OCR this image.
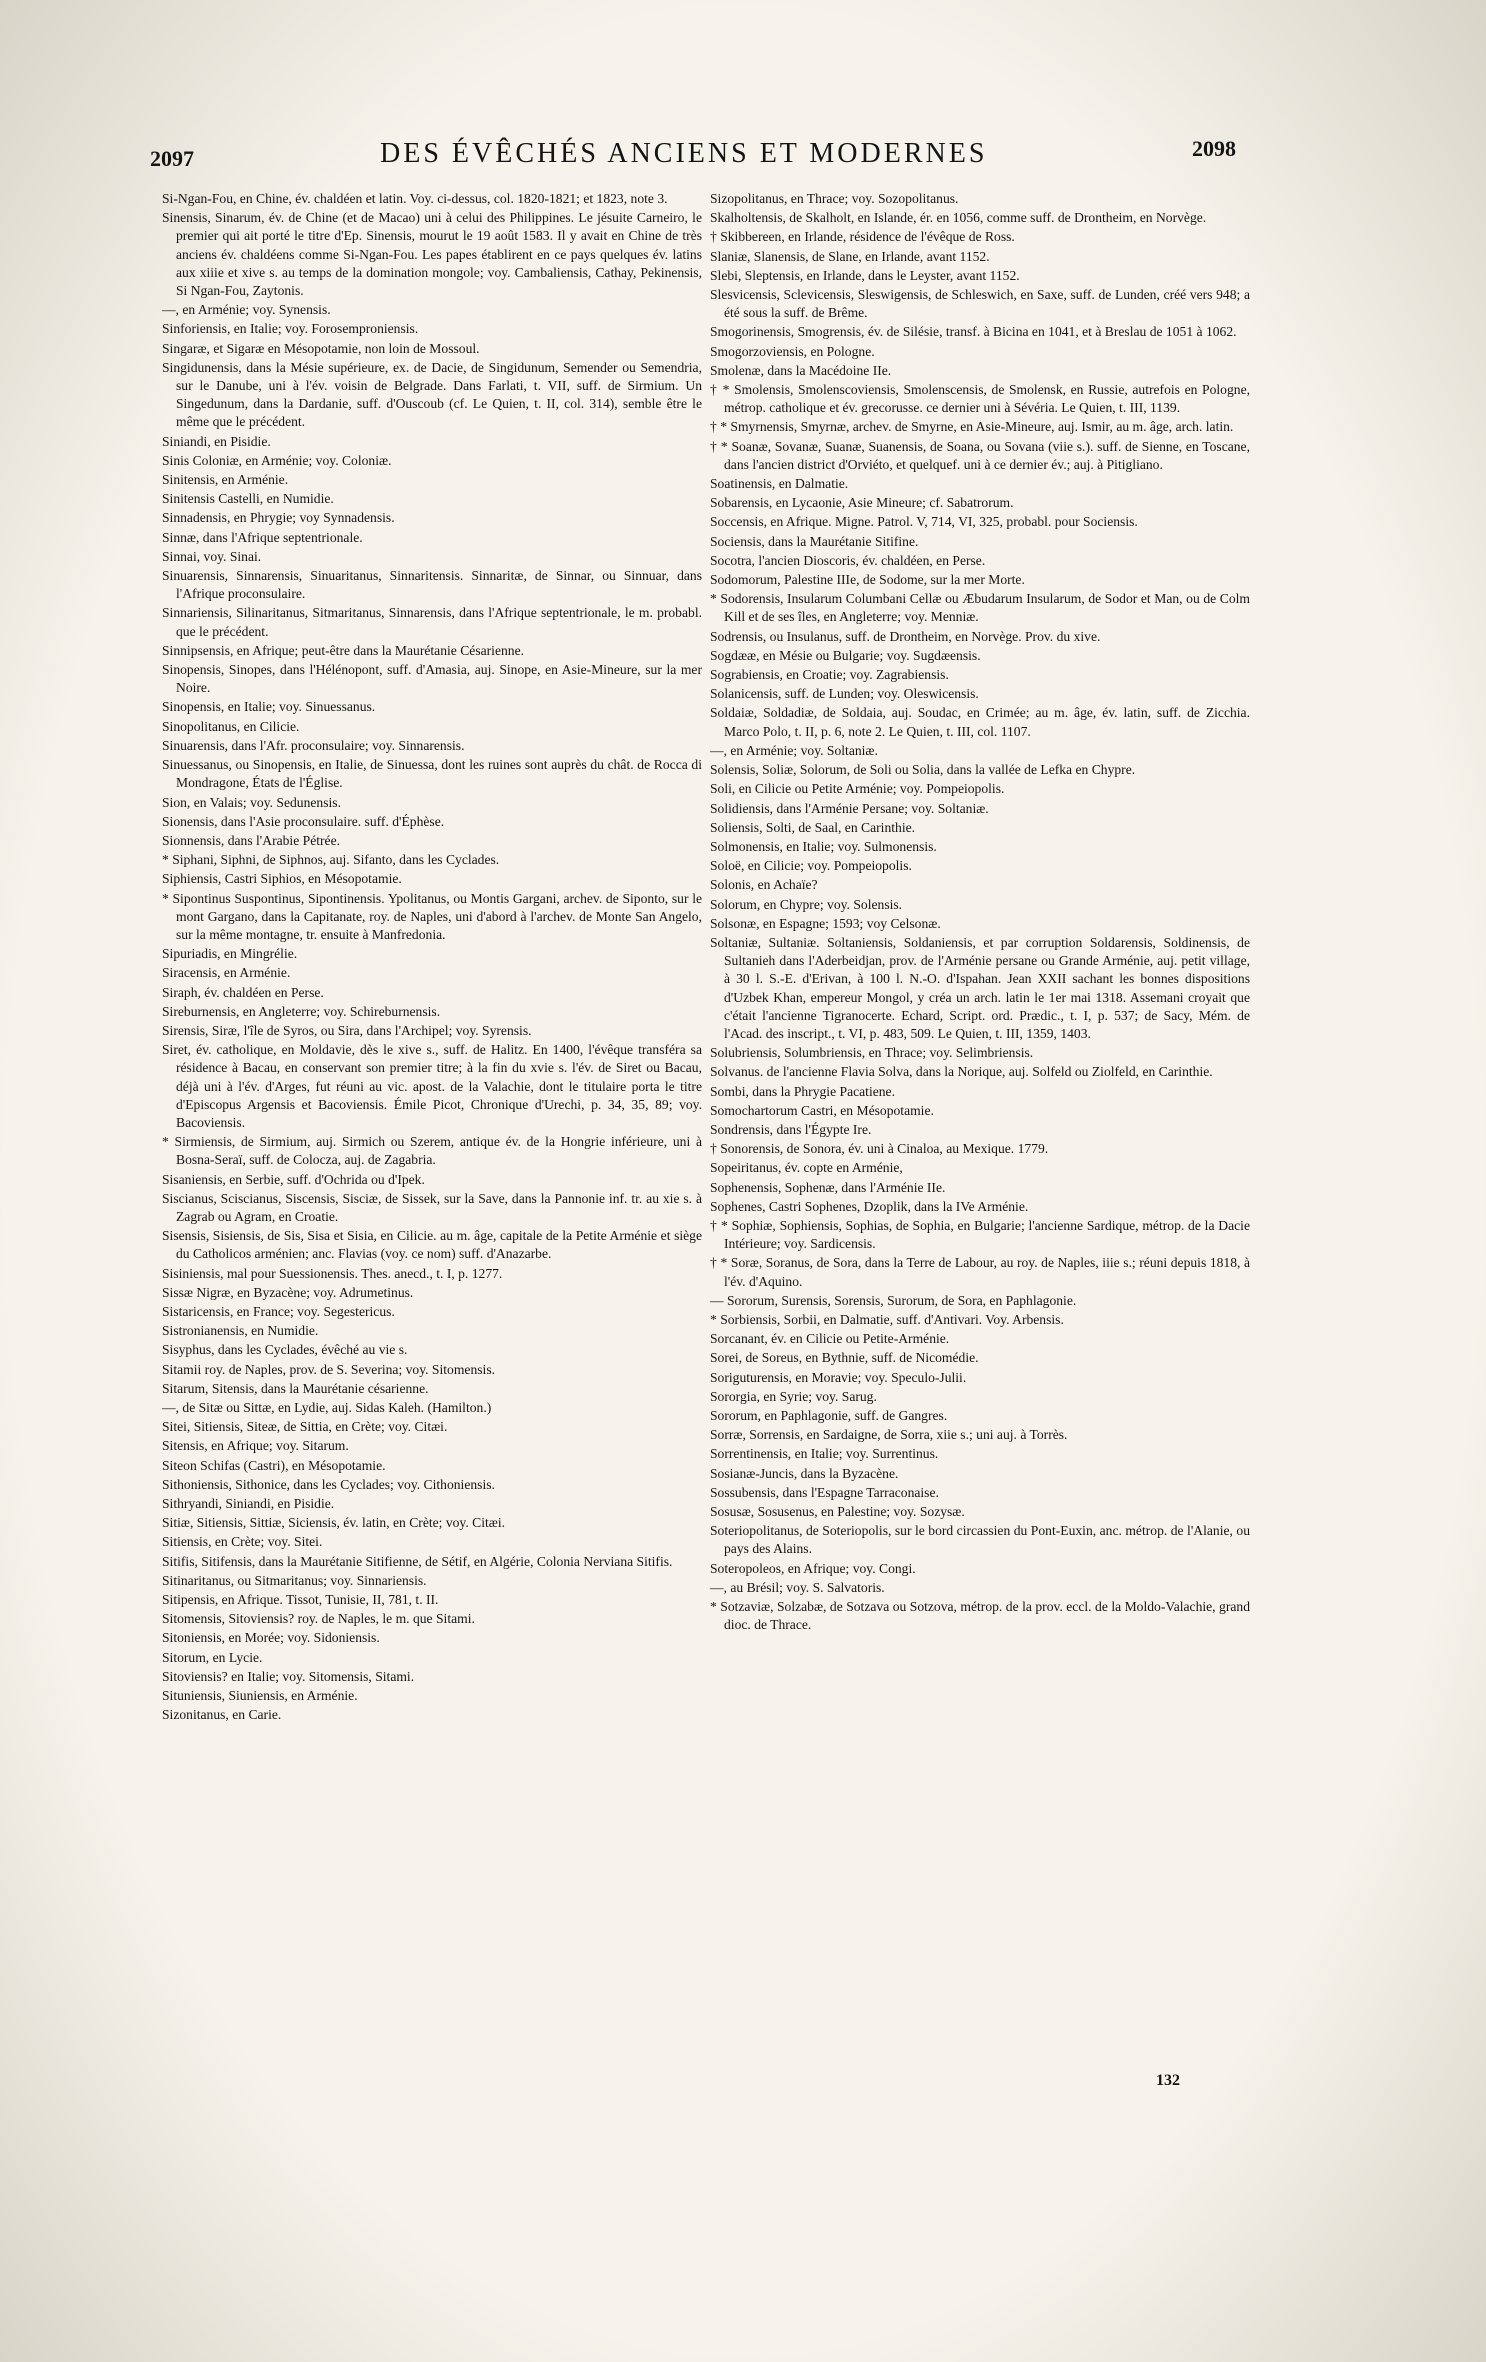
2097	DES ÉVÊCHÉS ANCIENS ET MODERNES	2098

Si-Ngan-Fou, en Chine, év. chaldéen et latin. Voy. ci-dessus, col. 1820-1821; et 1823, note 3.

Sinensis, Sinarum, év. de Chine (et de Macao) uni à celui des Philippines. Le jésuite Carneiro, le premier qui ait porté le titre d'Ep. Sinensis, mourut le 19 août 1583. Il y avait en Chine de très anciens év. chaldéens comme Si-Ngan-Fou. Les papes établirent en ce pays quelques év. latins aux xiiie et xive s. au temps de la domination mongole; voy. Cambaliensis, Cathay, Pekinensis, Si Ngan-Fou, Zaytonis.

—, en Arménie; voy. Synensis.

Sinforiensis, en Italie; voy. Forosemproniensis.

Singaræ, et Sigaræ en Mésopotamie, non loin de Mossoul.

Singidunensis, dans la Mésie supérieure, ex. de Dacie, de Singidunum, Semender ou Semendria, sur le Danube, uni à l'év. voisin de Belgrade. Dans Farlati, t. VII, suff. de Sirmium. Un Singedunum, dans la Dardanie, suff. d'Ouscoub (cf. Le Quien, t. II, col. 314), semble être le même que le précédent.

Siniandi, en Pisidie.

Sinis Coloniæ, en Arménie; voy. Coloniæ.

Sinitensis, en Arménie.

Sinitensis Castelli, en Numidie.

Sinnadensis, en Phrygie; voy Synnadensis.

Sinnæ, dans l'Afrique septentrionale.

Sinnai, voy. Sinai.

Sinuarensis, Sinnarensis, Sinuaritanus, Sinnaritensis. Sinnaritæ, de Sinnar, ou Sinnuar, dans l'Afrique proconsulaire.

Sinnariensis, Silinaritanus, Sitmaritanus, Sinnarensis, dans l'Afrique septentrionale, le m. probabl. que le précédent.

Sinnipsensis, en Afrique; peut-être dans la Maurétanie Césarienne.

Sinopensis, Sinopes, dans l'Hélénopont, suff. d'Amasia, auj. Sinope, en Asie-Mineure, sur la mer Noire.

Sinopensis, en Italie; voy. Sinuessanus.

Sinopolitanus, en Cilicie.

Sinuarensis, dans l'Afr. proconsulaire; voy. Sinnarensis.

Sinuessanus, ou Sinopensis, en Italie, de Sinuessa, dont les ruines sont auprès du chât. de Rocca di Mondragone, États de l'Église.

Sion, en Valais; voy. Sedunensis.

Sionensis, dans l'Asie proconsulaire. suff. d'Éphèse.

Sionnensis, dans l'Arabie Pétrée.

* Siphani, Siphni, de Siphnos, auj. Sifanto, dans les Cyclades.

Siphiensis, Castri Siphios, en Mésopotamie.

* Sipontinus Suspontinus, Sipontinensis. Ypolitanus, ou Montis Gargani, archev. de Siponto, sur le mont Gargano, dans la Capitanate, roy. de Naples, uni d'abord à l'archev. de Monte San Angelo, sur la même montagne, tr. ensuite à Manfredonia.

Sipuriadis, en Mingrélie.

Siracensis, en Arménie.

Siraph, év. chaldéen en Perse.

Sireburnensis, en Angleterre; voy. Schireburnensis.

Sirensis, Siræ, l'île de Syros, ou Sira, dans l'Archipel; voy. Syrensis.

Siret, év. catholique, en Moldavie, dès le xive s., suff. de Halitz. En 1400, l'évêque transféra sa résidence à Bacau, en conservant son premier titre; à la fin du xvie s. l'év. de Siret ou Bacau, déjà uni à l'év. d'Arges, fut réuni au vic. apost. de la Valachie, dont le titulaire porta le titre d'Episcopus Argensis et Bacoviensis. Émile Picot, Chronique d'Urechi, p. 34, 35, 89; voy. Bacoviensis.

* Sirmiensis, de Sirmium, auj. Sirmich ou Szerem, antique év. de la Hongrie inférieure, uni à Bosna-Seraï, suff. de Colocza, auj. de Zagabria.

Sisaniensis, en Serbie, suff. d'Ochrida ou d'Ipek.

Siscianus, Sciscianus, Siscensis, Sisciæ, de Sissek, sur la Save, dans la Pannonie inf. tr. au xie s. à Zagrab ou Agram, en Croatie.

Sisensis, Sisiensis, de Sis, Sisa et Sisia, en Cilicie. au m. âge, capitale de la Petite Arménie et siège du Catholicos arménien; anc. Flavias (voy. ce nom) suff. d'Anazarbe.

Sisiniensis, mal pour Suessionensis. Thes. anecd., t. I, p. 1277.

Sissæ Nigræ, en Byzacène; voy. Adrumetinus.

Sistaricensis, en France; voy. Segestericus.

Sistronianensis, en Numidie.

Sisyphus, dans les Cyclades, évêché au vie s.

Sitamii roy. de Naples, prov. de S. Severina; voy. Sitomensis.

Sitarum, Sitensis, dans la Maurétanie césarienne.

—, de Sitæ ou Sittæ, en Lydie, auj. Sidas Kaleh. (Hamilton.)

Sitei, Sitiensis, Siteæ, de Sittia, en Crète; voy. Citæi.

Sitensis, en Afrique; voy. Sitarum.

Siteon Schifas (Castri), en Mésopotamie.

Sithoniensis, Sithonice, dans les Cyclades; voy. Cithoniensis.

Sithryandi, Siniandi, en Pisidie.

Sitiæ, Sitiensis, Sittiæ, Siciensis, év. latin, en Crète; voy. Citæi.

Sitiensis, en Crète; voy. Sitei.

Sitifis, Sitifensis, dans la Maurétanie Sitifienne, de Sétif, en Algérie, Colonia Nerviana Sitifis.

Sitinaritanus, ou Sitmaritanus; voy. Sinnariensis.

Sitipensis, en Afrique. Tissot, Tunisie, II, 781, t. II.

Sitomensis, Sitoviensis? roy. de Naples, le m. que Sitami.

Sitoniensis, en Morée; voy. Sidoniensis.

Sitorum, en Lycie.

Sitoviensis? en Italie; voy. Sitomensis, Sitami.

Situniensis, Siuniensis, en Arménie.

Sizonitanus, en Carie.

Sizopolitanus, en Thrace; voy. Sozopolitanus.

Skalholtensis, de Skalholt, en Islande, ér. en 1056, comme suff. de Drontheim, en Norvège.

† Skibbereen, en Irlande, résidence de l'évêque de Ross.

Slaniæ, Slanensis, de Slane, en Irlande, avant 1152.

Slebi, Sleptensis, en Irlande, dans le Leyster, avant 1152.

Slesvicensis, Sclevicensis, Sleswigensis, de Schleswich, en Saxe, suff. de Lunden, créé vers 948; a été sous la suff. de Brême.

Smogorinensis, Smogrensis, év. de Silésie, transf. à Bicina en 1041, et à Breslau de 1051 à 1062.

Smogorzoviensis, en Pologne.

Smolenæ, dans la Macédoine IIe.

† * Smolensis, Smolenscoviensis, Smolenscensis, de Smolensk, en Russie, autrefois en Pologne, métrop. catholique et év. grecorusse. ce dernier uni à Sévéria. Le Quien, t. III, 1139.

† * Smyrnensis, Smyrnæ, archev. de Smyrne, en Asie-Mineure, auj. Ismir, au m. âge, arch. latin.

† * Soanæ, Sovanæ, Suanæ, Suanensis, de Soana, ou Sovana (viie s.). suff. de Sienne, en Toscane, dans l'ancien district d'Orviéto, et quelquef. uni à ce dernier év.; auj. à Pitigliano.

Soatinensis, en Dalmatie.

Sobarensis, en Lycaonie, Asie Mineure; cf. Sabatrorum.

Soccensis, en Afrique. Migne. Patrol. V, 714, VI, 325, probabl. pour Sociensis.

Sociensis, dans la Maurétanie Sitifine.

Socotra, l'ancien Dioscoris, év. chaldéen, en Perse.

Sodomorum, Palestine IIIe, de Sodome, sur la mer Morte.

* Sodorensis, Insularum Columbani Cellæ ou Æbudarum Insularum, de Sodor et Man, ou de Colm Kill et de ses îles, en Angleterre; voy. Menniæ.

Sodrensis, ou Insulanus, suff. de Drontheim, en Norvège. Prov. du xive.

Sogdææ, en Mésie ou Bulgarie; voy. Sugdæensis.

Sograbiensis, en Croatie; voy. Zagrabiensis.

Solanicensis, suff. de Lunden; voy. Oleswicensis.

Soldaiæ, Soldadiæ, de Soldaia, auj. Soudac, en Crimée; au m. âge, év. latin, suff. de Zicchia. Marco Polo, t. II, p. 6, note 2. Le Quien, t. III, col. 1107.

—, en Arménie; voy. Soltaniæ.

Solensis, Soliæ, Solorum, de Soli ou Solia, dans la vallée de Lefka en Chypre.

Soli, en Cilicie ou Petite Arménie; voy. Pompeiopolis.

Solidiensis, dans l'Arménie Persane; voy. Soltaniæ.

Soliensis, Solti, de Saal, en Carinthie.

Solmonensis, en Italie; voy. Sulmonensis.

Soloë, en Cilicie; voy. Pompeiopolis.

Solonis, en Achaïe?

Solorum, en Chypre; voy. Solensis.

Solsonæ, en Espagne; 1593; voy Celsonæ.

Soltaniæ, Sultaniæ. Soltaniensis, Soldaniensis, et par corruption Soldarensis, Soldinensis, de Sultanieh dans l'Aderbeidjan, prov. de l'Arménie persane ou Grande Arménie, auj. petit village, à 30 l. S.-E. d'Erivan, à 100 l. N.-O. d'Ispahan. Jean XXII sachant les bonnes dispositions d'Uzbek Khan, empereur Mongol, y créa un arch. latin le 1er mai 1318. Assemani croyait que c'était l'ancienne Tigranocerte. Echard, Script. ord. Prædic., t. I, p. 537; de Sacy, Mém. de l'Acad. des inscript., t. VI, p. 483, 509. Le Quien, t. III, 1359, 1403.

Solubriensis, Solumbriensis, en Thrace; voy. Selimbriensis.

Solvanus. de l'ancienne Flavia Solva, dans la Norique, auj. Solfeld ou Ziolfeld, en Carinthie.

Sombi, dans la Phrygie Pacatiene.

Somochartorum Castri, en Mésopotamie.

Sondrensis, dans l'Égypte Ire.

† Sonorensis, de Sonora, év. uni à Cinaloa, au Mexique. 1779.

Sopeiritanus, év. copte en Arménie,

Sophenensis, Sophenæ, dans l'Arménie IIe.

Sophenes, Castri Sophenes, Dzoplik, dans la IVe Arménie.

† * Sophiæ, Sophiensis, Sophias, de Sophia, en Bulgarie; l'ancienne Sardique, métrop. de la Dacie Intérieure; voy. Sardicensis.

† * Soræ, Soranus, de Sora, dans la Terre de Labour, au roy. de Naples, iiie s.; réuni depuis 1818, à l'év. d'Aquino.

— Sororum, Surensis, Sorensis, Surorum, de Sora, en Paphlagonie.

* Sorbiensis, Sorbii, en Dalmatie, suff. d'Antivari. Voy. Arbensis.

Sorcanant, év. en Cilicie ou Petite-Arménie.

Sorei, de Soreus, en Bythnie, suff. de Nicomédie.

Soriguturensis, en Moravie; voy. Speculo-Julii.

Sororgia, en Syrie; voy. Sarug.

Sororum, en Paphlagonie, suff. de Gangres.

Sorræ, Sorrensis, en Sardaigne, de Sorra, xiie s.; uni auj. à Torrès.

Sorrentinensis, en Italie; voy. Surrentinus.

Sosianæ-Juncis, dans la Byzacène.

Sossubensis, dans l'Espagne Tarraconaise.

Sosusæ, Sosusenus, en Palestine; voy. Sozysæ.

Soteriopolitanus, de Soteriopolis, sur le bord circassien du Pont-Euxin, anc. métrop. de l'Alanie, ou pays des Alains.

Soteropoleos, en Afrique; voy. Congi.

—, au Brésil; voy. S. Salvatoris.

* Sotzaviæ, Solzabæ, de Sotzava ou Sotzova, métrop. de la prov. eccl. de la Moldo-Valachie, grand dioc. de Thrace.

132
